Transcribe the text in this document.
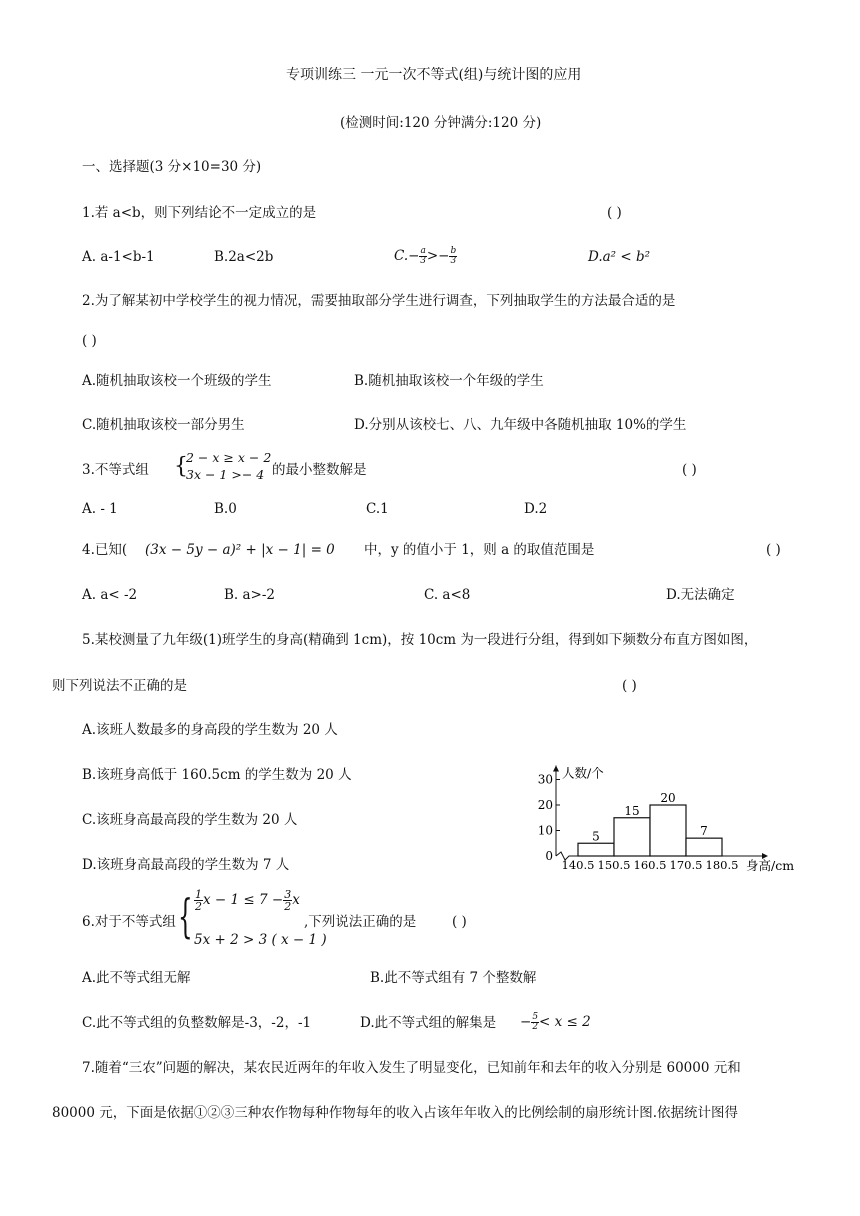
专项训练三 一元一次不等式(组)与统计图的应用
(检测时间:120 分钟满分:120 分)
一、选择题(3 分×10=30 分)
1.若 a<b，则下列结论不一定成立的是	( )
A. a-1<b-1	B.2a<2b	$C.- \frac{a}{3} >- \frac{b}{3}$	D.a² < b²
2.为了解某初中学校学生的视力情况，需要抽取部分学生进行调查，下列抽取学生的方法最合适的是
( )
A.随机抽取该校一个班级的学生	B.随机抽取该校一个年级的学生
C.随机抽取该校一部分男生	D.分别从该校七、八、九年级中各随机抽取 10%的学生
3.不等式组 {
2 − x ≥ x − 2
3x − 1 >− 4 的最小整数解是	( )
A. - 1	B.0	C.1	D.2
4.已知( (3x − 5y − a)² + |x − 1| = 0 中，y 的值小于 1，则 a 的取值范围是	( )
A. a< -2	B. a>-2	C. a<8	D.无法确定
5.某校测量了九年级(1)班学生的身高(精确到 1cm)，按 10cm 为一段进行分组，得到如下频数分布直方图如图，
则下列说法不正确的是	( )
A.该班人数最多的身高段的学生数为 20 人
B.该班身高低于 160.5cm 的学生数为 20 人
C.该班身高最高段的学生数为 20 人
D.该班身高最高段的学生数为 7 人
0
10
20
30
5
15
20
7
140.5 150.5 160.5 170.5 180.5
人数/个
身高/cm
6.对于不等式组 { $\frac{1}{2}$ $x - 1 \le 7 - \frac{3}{2}$ x
5x + 2 > 3 ( x − 1 )
,下列说法正确的是	( )
A.此不等式组无解	B.此不等式组有 7 个整数解
C.此不等式组的负整数解是-3，-2，-1	D.此不等式组的解集是 − $\frac{5}{2} < x \le 2$
7.随着“三农”问题的解决，某农民近两年的年收入发生了明显变化，已知前年和去年的收入分别是 60000 元和
80000 元，下面是依据①②③三种农作物每种作物每年的收入占该年年收入的比例绘制的扇形统计图.依据统计图得
